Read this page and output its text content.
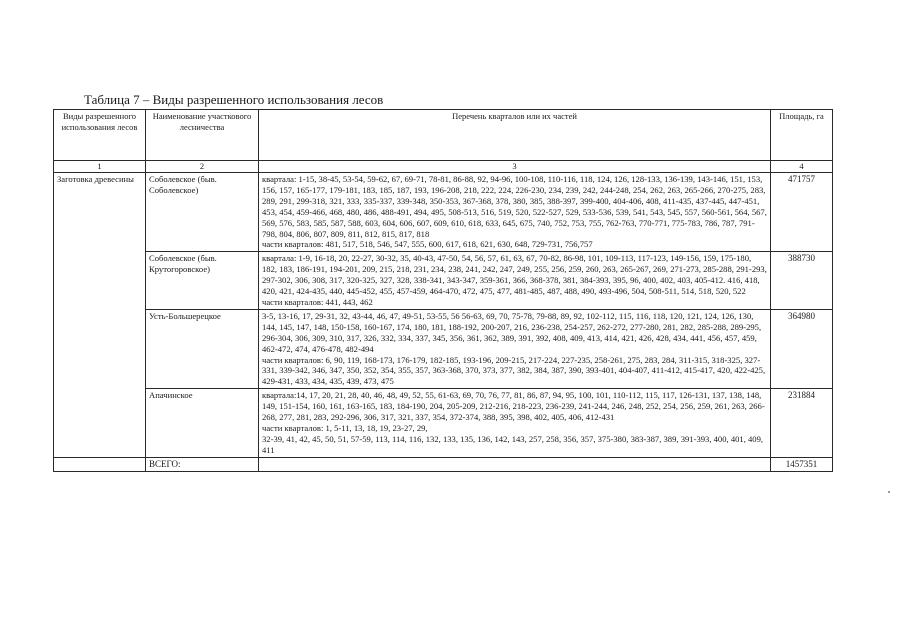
Таблица 7 – Виды разрешенного использования лесов
Виды разрешенного использования лесов	Наименование участкового лесничества	Перечень кварталов или их частей	Площадь, га
1	2	3	4
Заготовка древесины	Соболевское (быв. Соболевское)	квартала: 1-15, 38-45, 53-54, 59-62, 67, 69-71, 78-81, 86-88, 92, 94-96, 100-108, 110-116, 118, 124, 126, 128-133, 136-139, 143-146, 151, 153, 156, 157, 165-177, 179-181, 183, 185, 187, 193, 196-208, 218, 222, 224, 226-230, 234, 239, 242, 244-248, 254, 262, 263, 265-266, 270-275, 283, 289, 291, 299-318, 321, 333, 335-337, 339-348, 350-353, 367-368, 378, 380, 385, 388-397, 399-400, 404-406, 408, 411-435, 437-445, 447-451, 453, 454, 459-466, 468, 480, 486, 488-491, 494, 495, 508-513, 516, 519, 520, 522-527, 529, 533-536, 539, 541, 543, 545, 557, 560-561, 564, 567, 569, 576, 583, 585, 587, 588, 603, 604, 606, 607, 609, 610, 618, 633, 645, 675, 740, 752, 753, 755, 762-763, 770-771, 775-783, 786, 787, 791-798, 804, 806, 807, 809, 811, 812, 815, 817, 818
части кварталов: 481, 517, 518, 546, 547, 555, 600, 617, 618, 621, 630, 648, 729-731, 756,757	471757
	Соболевское (быв. Крутогоровское)	квартала: 1-9, 16-18, 20, 22-27, 30-32, 35, 40-43, 47-50, 54, 56, 57, 61, 63, 67, 70-82, 86-98, 101, 109-113, 117-123, 149-156, 159, 175-180, 182, 183, 186-191, 194-201, 209, 215, 218, 231, 234, 238, 241, 242, 247, 249, 255, 256, 259, 260, 263, 265-267, 269, 271-273, 285-288, 291-293, 297-302, 306, 308, 317, 320-325, 327, 328, 338-341, 343-347, 359-361, 366, 368-378, 381, 384-393, 395, 96, 400, 402, 403, 405-412. 416, 418, 420, 421, 424-435, 440, 445-452, 455, 457-459, 464-470, 472, 475, 477, 481-485, 487, 488, 490, 493-496, 504, 508-511, 514, 518, 520, 522
части кварталов: 441, 443, 462	388730
	Усть-Большерецкое	3-5, 13-16, 17, 29-31, 32, 43-44, 46, 47, 49-51, 53-55, 56 56-63, 69, 70, 75-78, 79-88, 89, 92, 102-112, 115, 116, 118, 120, 121, 124, 126, 130, 144, 145, 147, 148, 150-158, 160-167, 174, 180, 181, 188-192, 200-207, 216, 236-238, 254-257, 262-272, 277-280, 281, 282, 285-288, 289-295, 296-304, 306, 309, 310, 317, 326, 332, 334, 337, 345, 356, 361, 362, 389, 391, 392, 408, 409, 413, 414, 421, 426, 428, 434, 441, 456, 457, 459, 462-472, 474, 476-478, 482-494
части кварталов: 6, 90, 119, 168-173, 176-179, 182-185, 193-196, 209-215, 217-224, 227-235, 258-261, 275, 283, 284, 311-315, 318-325, 327-331, 339-342, 346, 347, 350, 352, 354, 355, 357, 363-368, 370, 373, 377, 382, 384, 387, 390, 393-401, 404-407, 411-412, 415-417, 420, 422-425, 429-431, 433, 434, 435, 439, 473, 475	364980
	Апачинское	квартала:14, 17, 20, 21, 28, 40, 46, 48, 49, 52, 55, 61-63, 69, 70, 76, 77, 81, 86, 87, 94, 95, 100, 101, 110-112, 115, 117, 126-131, 137, 138, 148, 149, 151-154, 160, 161, 163-165, 183, 184-190, 204, 205-209, 212-216, 218-223, 236-239, 241-244, 246, 248, 252, 254, 256, 259, 261, 263, 266-268, 277, 281, 283, 292-296, 306, 317, 321, 337, 354, 372-374, 388, 395, 398, 402, 405, 406, 412-431
части кварталов: 1, 5-11, 13, 18, 19, 23-27, 29,
32-39, 41, 42, 45, 50, 51, 57-59, 113, 114, 116, 132, 133, 135, 136, 142, 143, 257, 258, 356, 357, 375-380, 383-387, 389, 391-393, 400, 401, 409, 411	231884
	ВСЕГО:		1457351
